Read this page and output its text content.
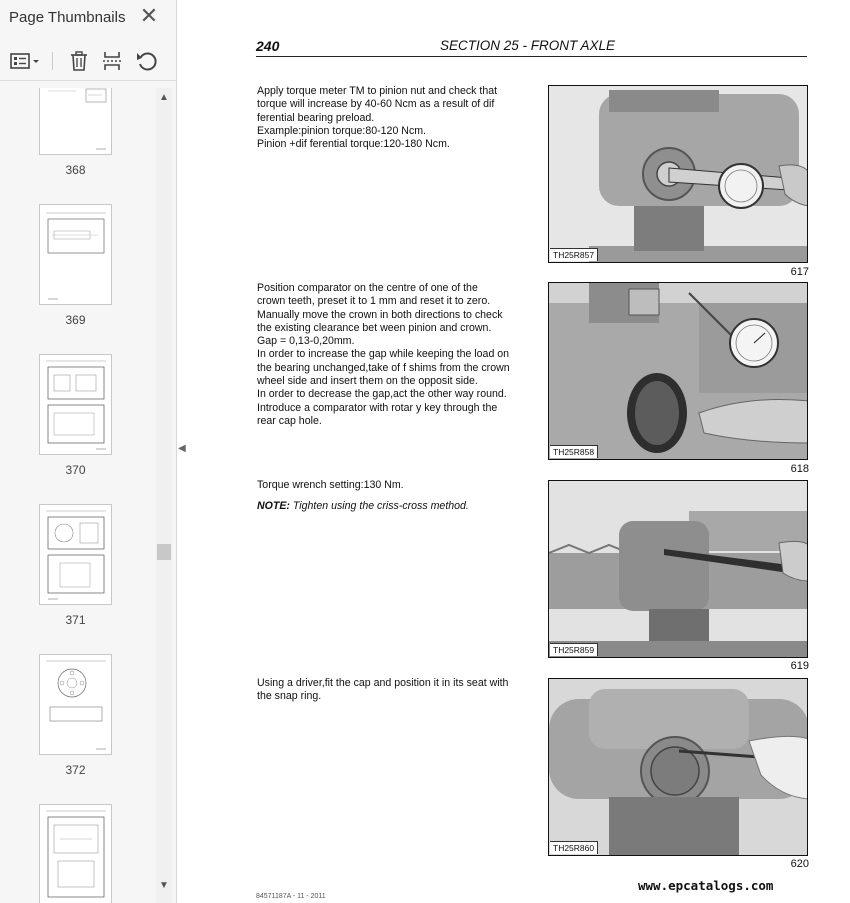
Page Thumbnails ✕
368
369
370
371
372
▲
▼
◀
240	SECTION 25 - FRONT AXLE

Apply torque meter TM to pinion nut and check that

torque will increase by 40-60 Ncm as a result of dif

ferential bearing preload.

Example:pinion torque:80-120 Ncm.

Pinion +dif ferential torque:120-180 Ncm.

TH25R857
617

Position comparator on the centre of one of the

crown teeth, preset it to 1 mm and reset it to zero.

Manually move the crown in both directions to check

the existing clearance bet ween pinion and crown.

Gap = 0,13-0,20mm.

In order to increase the gap while keeping the load on

the bearing unchanged,take of f shims from the crown

wheel side and insert them on the opposit side.

In order to decrease the gap,act the other way round.

Introduce a comparator with rotar y key through the

rear cap hole.

TH25R858
618

Torque wrench setting:130 Nm.

NOTE: Tighten using the criss-cross method.

TH25R859
619

Using a driver,fit the cap and position it in its seat with

the snap ring.

TH25R860
620
www.epcatalogs.com
84571187A - 11 - 2011
